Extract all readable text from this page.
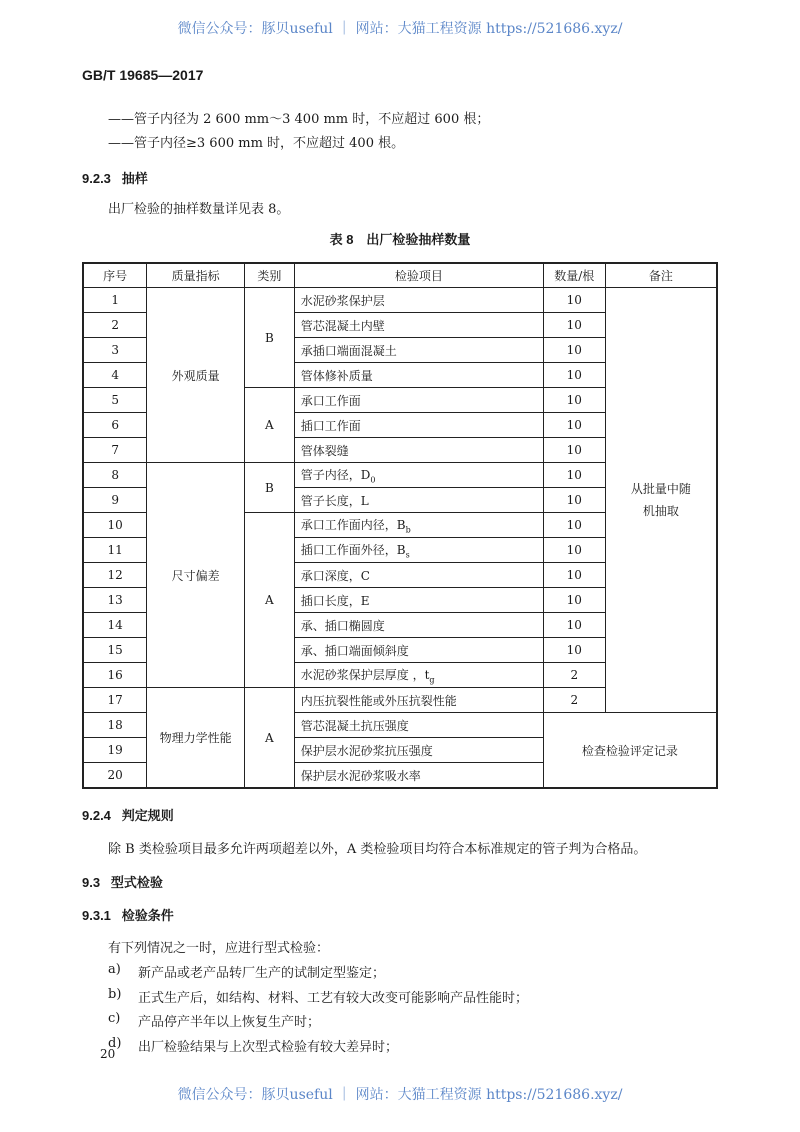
微信公众号：豚贝useful ｜ 网站：大猫工程资源 https://521686.xyz/
GB/T 19685—2017
——管子内径为 2 600 mm～3 400 mm 时，不应超过 600 根；
——管子内径≥3 600 mm 时，不应超过 400 根。
9.2.3 抽样
出厂检验的抽样数量详见表 8。
表 8　出厂检验抽样数量
序号	质量指标	类别	检验项目	数量/根	备注
1	外观质量	B	水泥砂浆保护层	10	从批量中随机抽取
2			管芯混凝土内壁	10	
3			承插口端面混凝土	10	
4			管体修补质量	10	
5		A	承口工作面	10	
6			插口工作面	10	
7			管体裂缝	10	
8	尺寸偏差	B	管子内径，$D_0$	10	
9			管子长度，L	10	
10		A	承口工作面内径，$B_b$	10	
11			插口工作面外径，$B_s$	10	
12			承口深度，C	10	
13			插口长度，E	10	
14			承、插口椭圆度	10	
15			承、插口端面倾斜度	10	
16			水泥砂浆保护层厚度 ，$t_g$	2	
17	物理力学性能	A	内压抗裂性能或外压抗裂性能	2	
18			管芯混凝土抗压强度	检查检验评定记录	
19			保护层水泥砂浆抗压强度		
20			保护层水泥砂浆吸水率		
9.2.4 判定规则
除 B 类检验项目最多允许两项超差以外，A 类检验项目均符合本标准规定的管子判为合格品。
9.3 型式检验
9.3.1 检验条件
有下列情况之一时，应进行型式检验：
a) 新产品或老产品转厂生产的试制定型鉴定；
b) 正式生产后，如结构、材料、工艺有较大改变可能影响产品性能时；
c) 产品停产半年以上恢复生产时；
d) 出厂检验结果与上次型式检验有较大差异时；
20
微信公众号：豚贝useful ｜ 网站：大猫工程资源 https://521686.xyz/
